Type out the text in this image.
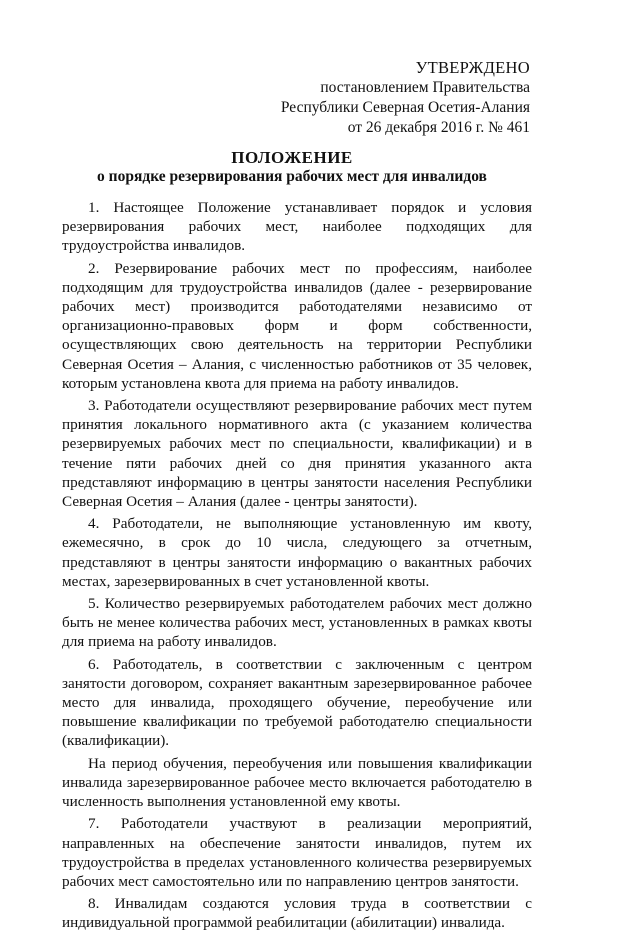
УТВЕРЖДЕНО
постановлением Правительства
Республики Северная Осетия-Алания
от 26 декабря 2016 г. № 461
ПОЛОЖЕНИЕ
о порядке резервирования рабочих мест для инвалидов

1. Настоящее Положение устанавливает порядок и условия резервирования рабочих мест, наиболее подходящих для трудоустройства инвалидов.

2. Резервирование рабочих мест по профессиям, наиболее подходящим для трудоустройства инвалидов (далее - резервирование рабочих мест) производится работодателями независимо от организационно-правовых форм и форм собственности, осуществляющих свою деятельность на территории Республики Северная Осетия – Алания, с численностью работников от 35 человек, которым установлена квота для приема на работу инвалидов.

3. Работодатели осуществляют резервирование рабочих мест путем принятия локального нормативного акта (с указанием количества резервируемых рабочих мест по специальности, квалификации) и в течение пяти рабочих дней со дня принятия указанного акта представляют информацию в центры занятости населения Республики Северная Осетия – Алания (далее - центры занятости).

4. Работодатели, не выполняющие установленную им квоту, ежемесячно, в срок до 10 числа, следующего за отчетным, представляют в центры занятости информацию о вакантных рабочих местах, зарезервированных в счет установленной квоты.

5. Количество резервируемых работодателем рабочих мест должно быть не менее количества рабочих мест, установленных в рамках квоты для приема на работу инвалидов.

6. Работодатель, в соответствии с заключенным с центром занятости договором, сохраняет вакантным зарезервированное рабочее место для инвалида, проходящего обучение, переобучение или повышение квалификации по требуемой работодателю специальности (квалификации).

На период обучения, переобучения или повышения квалификации инвалида зарезервированное рабочее место включается работодателю в численность выполнения установленной ему квоты.

7. Работодатели участвуют в реализации мероприятий, направленных на обеспечение занятости инвалидов, путем их трудоустройства в пределах установленного количества резервируемых рабочих мест самостоятельно или по направлению центров занятости.

8. Инвалидам создаются условия труда в соответствии с индивидуальной программой реабилитации (абилитации) инвалида.
